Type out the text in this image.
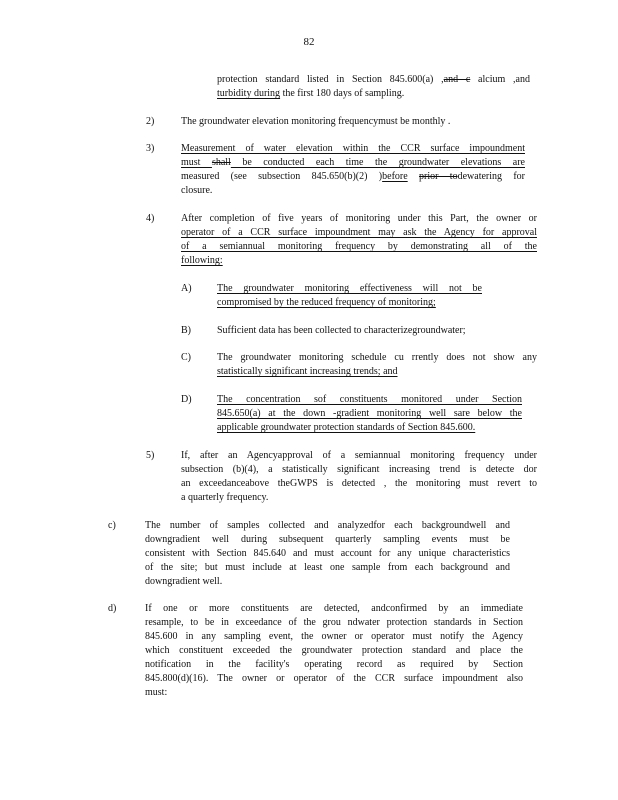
82
protection standard listed in Section 845.600(a) ,and c alcium ,and
turbidity during the first 180 days of sampling.
2)	The groundwater elevation monitoring frequencymust be monthly .
3)	Measurement of water elevation within the CCR surface impoundment
must shall be conducted each time the groundwater elevations are
measured (see subsection 845.650(b)(2) )before prior todewatering for
closure.
4)	After completion of five years of monitoring under this Part, the owner or
operator of a CCR surface impoundment may ask the Agency for approval
of a semiannual monitoring frequency by demonstrating all of the
following:
A)	The groundwater monitoring effectiveness will not be
compromised by the reduced frequency of monitoring;
B)	Sufficient data has been collected to characterizegroundwater;
C)	The groundwater monitoring schedule cu rrently does not show any
statistically significant increasing trends; and
D)	The concentration sof constituents monitored under Section
845.650(a) at the down -gradient monitoring well sare below the
applicable groundwater protection standards of Section 845.600.
5)	If, after an Agencyapproval of a semiannual monitoring frequency under
subsection (b)(4), a statistically significant increasing trend is detecte dor
an exceedanceabove theGWPS is detected , the monitoring must revert to
a quarterly frequency.
c)	The number of samples collected and analyzedfor each backgroundwell and
downgradient well during subsequent quarterly sampling events must be
consistent with Section 845.640 and must account for any unique characteristics
of the site; but must include at least one sample from each background and
downgradient well.
d)	If one or more constituents are detected, andconfirmed by an immediate
resample, to be in exceedance of the grou ndwater protection standards in Section
845.600 in any sampling event, the owner or operator must notify the Agency
which constituent exceeded the groundwater protection standard and place the
notification in the facility's operating record as required by Section
845.800(d)(16). The owner or operator of the CCR surface impoundment also
must:
